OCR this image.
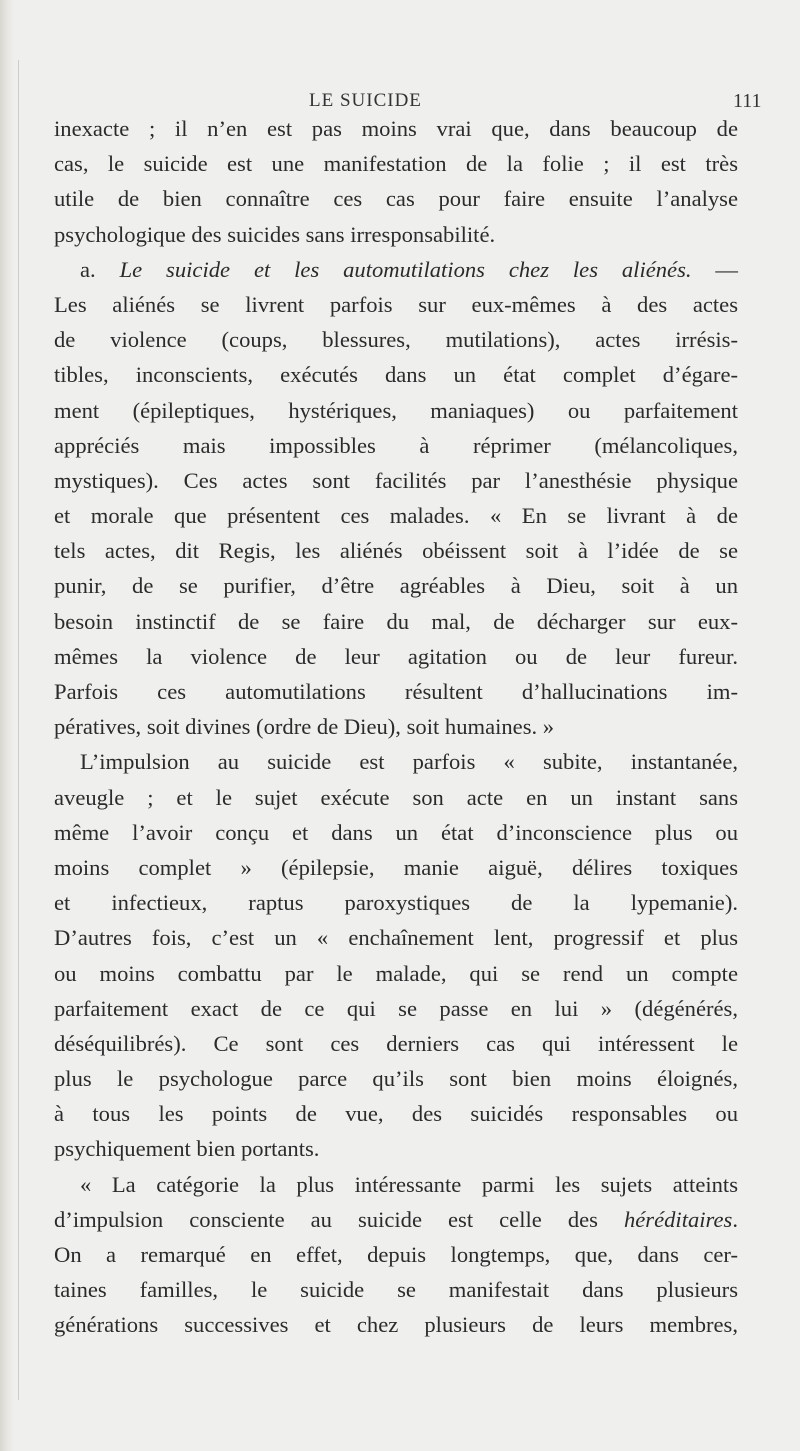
LE SUICIDE	111
inexacte ; il n’en est pas moins vrai que, dans beaucoup de
cas, le suicide est une manifestation de la folie ; il est très
utile de bien connaître ces cas pour faire ensuite l’analyse
psychologique des suicides sans irresponsabilité.
a. Le suicide et les automutilations chez les aliénés. —
Les aliénés se livrent parfois sur eux-mêmes à des actes
de violence (coups, blessures, mutilations), actes irrésis-
tibles, inconscients, exécutés dans un état complet d’égare-
ment (épileptiques, hystériques, maniaques) ou parfaitement
appréciés mais impossibles à réprimer (mélancoliques,
mystiques). Ces actes sont facilités par l’anesthésie physique
et morale que présentent ces malades. « En se livrant à de
tels actes, dit Regis, les aliénés obéissent soit à l’idée de se
punir, de se purifier, d’être agréables à Dieu, soit à un
besoin instinctif de se faire du mal, de décharger sur eux-
mêmes la violence de leur agitation ou de leur fureur.
Parfois ces automutilations résultent d’hallucinations im-
pératives, soit divines (ordre de Dieu), soit humaines. »
L’impulsion au suicide est parfois « subite, instantanée,
aveugle ; et le sujet exécute son acte en un instant sans
même l’avoir conçu et dans un état d’inconscience plus ou
moins complet » (épilepsie, manie aiguë, délires toxiques
et infectieux, raptus paroxystiques de la lypemanie).
D’autres fois, c’est un « enchaînement lent, progressif et plus
ou moins combattu par le malade, qui se rend un compte
parfaitement exact de ce qui se passe en lui » (dégénérés,
déséquilibrés). Ce sont ces derniers cas qui intéressent le
plus le psychologue parce qu’ils sont bien moins éloignés,
à tous les points de vue, des suicidés responsables ou
psychiquement bien portants.
« La catégorie la plus intéressante parmi les sujets atteints
d’impulsion consciente au suicide est celle des héréditaires.
On a remarqué en effet, depuis longtemps, que, dans cer-
taines familles, le suicide se manifestait dans plusieurs
générations successives et chez plusieurs de leurs membres,
